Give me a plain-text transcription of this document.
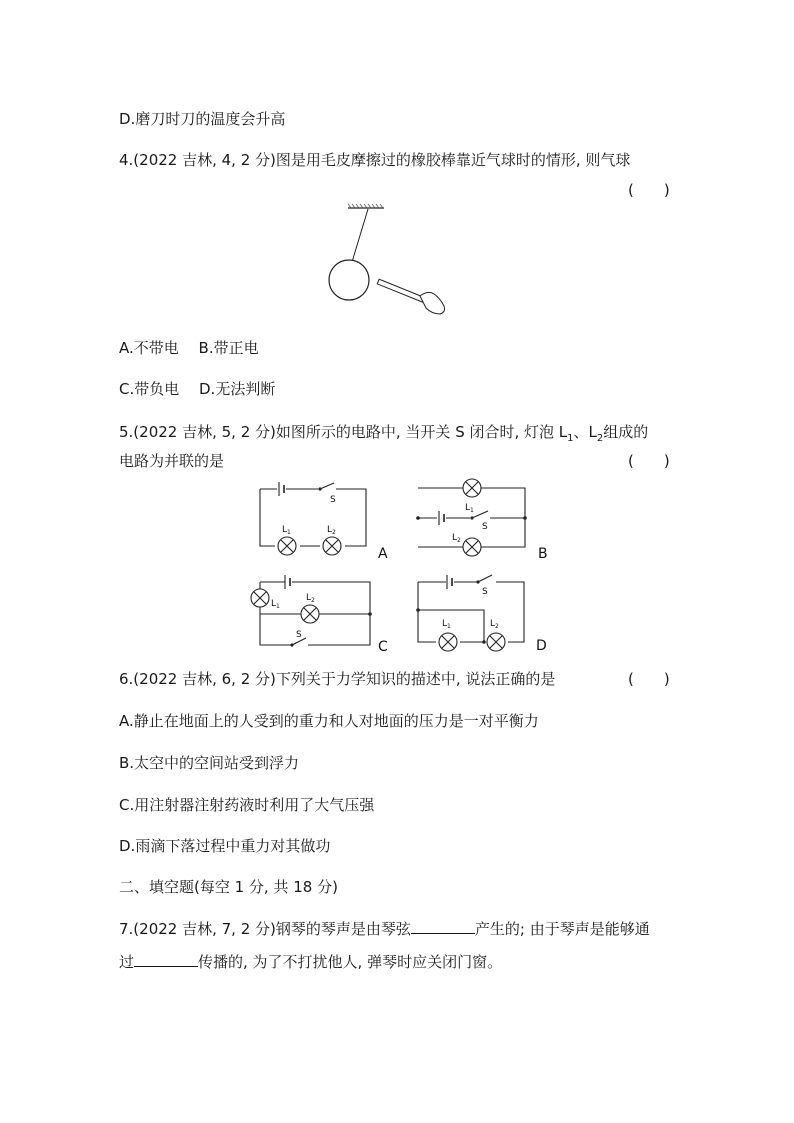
D.磨刀时刀的温度会升高
4.(2022 吉林, 4, 2 分)图是用毛皮摩擦过的橡胶棒靠近气球时的情形, 则气球
(　　)
A.不带电　 B.带正电
C.带负电　 D.无法判断
5.(2022 吉林, 5, 2 分)如图所示的电路中, 当开关 S 闭合时, 灯泡 $L_1$、$L_2$组成的
电路为并联的是	(　　)
S
$L_1$	$L_2$
A
$L_1$
S
$L_2$
B
$L_1$
$L_2$
S
C
S
$L_1$	$L_2$
D
6.(2022 吉林, 6, 2 分)下列关于力学知识的描述中, 说法正确的是	(　　)
A.静止在地面上的人受到的重力和人对地面的压力是一对平衡力
B.太空中的空间站受到浮力
C.用注射器注射药液时利用了大气压强
D.雨滴下落过程中重力对其做功
二、填空题(每空 1 分, 共 18 分)
7.(2022 吉林, 7, 2 分)钢琴的琴声是由琴弦	产生的; 由于琴声是能够通
过	传播的, 为了不打扰他人, 弹琴时应关闭门窗。
